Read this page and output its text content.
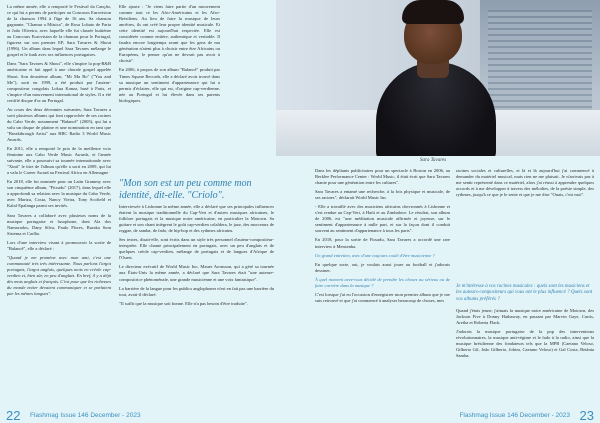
La même année, elle a remporté le Festival da Canção, ce qui lui a permis de participer au Concours Eurovision de la chanson 1994 à l'âge de 16 ans. Sa chanson gagnante, "Chamar a Música", de Rosa Lobato de Faria et João Oliveira, avec laquelle elle fut classée huitième au Concours Eurovision de la chanson pour le Portugal, figurera sur son premier EP, Sara Tavares & Shout (1996). Un album dans lequel Sara Tavares mélange le gospel et le funk avec ses influences portugaises.

Dans "Sara Tavares & Shout", elle s'inspire la pop-R&B américaine et fait appel à une chorale gospel appelée Shout. Son deuxième album, "Mi Ma Bo" ("You and Me"), sorti en 1999, a été produit par l'auteur-compositeur congolais Lokua Kanza, basé à Paris, et s'inspire d'un mouvement international de styles. Il a été certifié disque d'or au Portugal.

Au cours des deux décennies suivantes, Sara Tavares a sorti plusieurs albums qui font rapprochée de ses racines du Cabo Verde, notamment "Balancê" (2005), qui lui a valu un disque de platine et une nomination en tant que "Breakthrough Artist" aux BBC Radio 3 World Music Awards.

En 2011, elle a remporté le prix de la meilleure voix féminine aux Cabo Verde Music Awards, et l'année suivante, elle a poursuivi sa tournée internationale avec "Xinti" le titre de l'album qu'elle a sorti en 2009, qui lui a valu le Career Award au Festival Africa en Allemagne

En 2018, elle fut nominée pour un Latin Grammy avec son cinquième album, "Fitxadu" (2017), dans lequel elle a approfondi sa relation avec la musique du Cabo Verde, avec Mariza, Costa, Nancy Vieira, Tony Scofield et Kalaf Epalanga parmi ses invités.

Sara Tavares a collaboré avec plusieurs noms de la musique portugaise et lusophone, dont Ala dos Namorados, Dany Silva, Paulo Flores, Buraka Som Sistema et Carlão.

Lors d'une interview visant à promouvoir la sortie de "Balancê", elle a déclaré :

"Quand je me promène avec mon ami, c'est une communauté très très intéressante. Nous parlons l'argot portugais, l'argot anglais, quelques mots en créole cap-verdien et, bien sûr, en peu d'anglais. En bref, il y a déjà des mots anglais et français. C'est pour que les richesses du monde entier devaient communiquer et se parlaient par les mêmes langues".

Elle ajoute : "Je viens faire partie d'un mouvement comme tout ce les Afro-Américains et les Afro-Brésiliens. Au lieu de faire la musique de leurs ancêtres, ils ont créé leur propre identité musicale. Et cette identité est aujourd'hui respectée. Elle est considérée comme entière, authentique et veritable. Il faudra encore longtemps avant que les gens de ma génération n'aient plus à choisir entre être Africains ou Européens, le penser qu'on ne devrait pas avoir à choisir".

En 2006, à propos de son album "Balancê" produit par Times Square Records, elle a déclaré avoir trouvé dans sa musique un sentiment d'appartenance qui lui a permis d'éclairer, elle qui est, d'origine cap-verdienne, née au Portugal et lui élevée dans ses parents biologiques.

"Mon son est un peu comme mon identité, dit-elle. "Criolo".

Interviewée à Lisbonne la même année, elle a déclaré que ses principales influences étaient la musique traditionnelle du Cap-Vert et d'autres musiques africaines, le folklore portugais et la musique noire américaine, en particulier la Motown. Sa guitare et son chant intègrent le goût cap-verdien colaldera, le jazz, des morceaux de reggae, de samba, de fado, de hip-hop et des rythmes africains.

Ses textes, disait-elle, sont écrits dans un style très personnel d'auteur-compositeur-interprète. Elle chante principalement en portugais, avec un peu d'anglais et de quelques créole cap-verdien, mélange de portugais et de langues d'Afrique de l'Ouest.

Le directeur exécutif de World Music Inc, Mauer Aronsson, qui a géré sa tournée aux États-Unis la même année, a déclaré que Sara Tavares était "une auteure-compositrice phénoménale, une grande musicienne et une voix fantastique".

La barrière de la langue pour les publics anglophones n'est en fait pas une barrière du tout, avait-il déclaré.

"Il suffit que la musique soit bonne. Elle n'a pas besoin d'être traduite".

Sara Tavares

Dans les dépliants publicitaires pour un spectacle à Boston en 2006, au Berklee Performance Center : World Music, il était écrit que Sara Tavares chante pour une génération entre les cultures".

Sara Tavares a entamé une recherche, à la fois physique et musicale, de ses racines", déclarait World Music Inc.

- Elle a travaillé avec des musiciens africains chevronnés à Lisbonne et s'est rendue au Cap-Vert, à Haïti et au Zimbabwe. Le résultat, son album de 2006, est "une méditation musicale affirmée et joyeuse, sur le sentiment d'appartenance à nulle part, et sur la façon dont il conduit souvent au sentiment d'appartenance à tous les parts".

En 2018, pour la sortie de Fitxadu, Sara Tavares a accordé une rare interview à Mensenba.

Un grand entretien, avec d'une toujours coulé d'être musicienne ?

En quelque sorte, oui, je voulais aussi jouer au football et j'adorais dessiner.

À quel moment avez-vous décidé de prendre les choses au sérieux ou de faire carrière dans la musique ?

C'est lorsque j'ai eu l'occasion d'enregistrer mon premier album que je me suis retrouvé et que j'ai commencé à analyser beaucoup de choses, mes

racines sociales et culturelles, et là et là aujourd'hui j'ai commencé à demander du matériel musical, mais rien ne me plaisait. Je n'arrivais pas à me sentir représenté dans ce matériel, alors j'ai réussi à apprendre quelques accords et à me développer à travers des mélodies, de la poésie simple, des rythmes, jusqu'à ce que je le sente et que je me dise "Ouais, c'est moi".

Je m'intéresse à vos racines musicales : quels sont les musiciens et les auteurs-compositeurs qui vous ont le plus influencé ? Quels sont vos albums préférés ?

Quand j'étais jeune, j'aimais la musique noire américaine de Motown, des Jackson Five à Donny Hathaway, en passant par Marvin Gaye, Curtis, Aretha et Roberta Flack.

J'adorais la musique portugaise de la pop des interventions révolutionnaires, la musique anti-régime et le fado à la radio, ainsi que la musique brésilienne des fondateurs tels que la MPB (Caetano Veloso, Gilberto Gil, João Gilberto, Jobim, Caetano Veloso) et Gal Costa, Betânia Samba.

22 Flashmag Issue 146 December - 2023	Flashmag Issue 146 December - 2023 23
